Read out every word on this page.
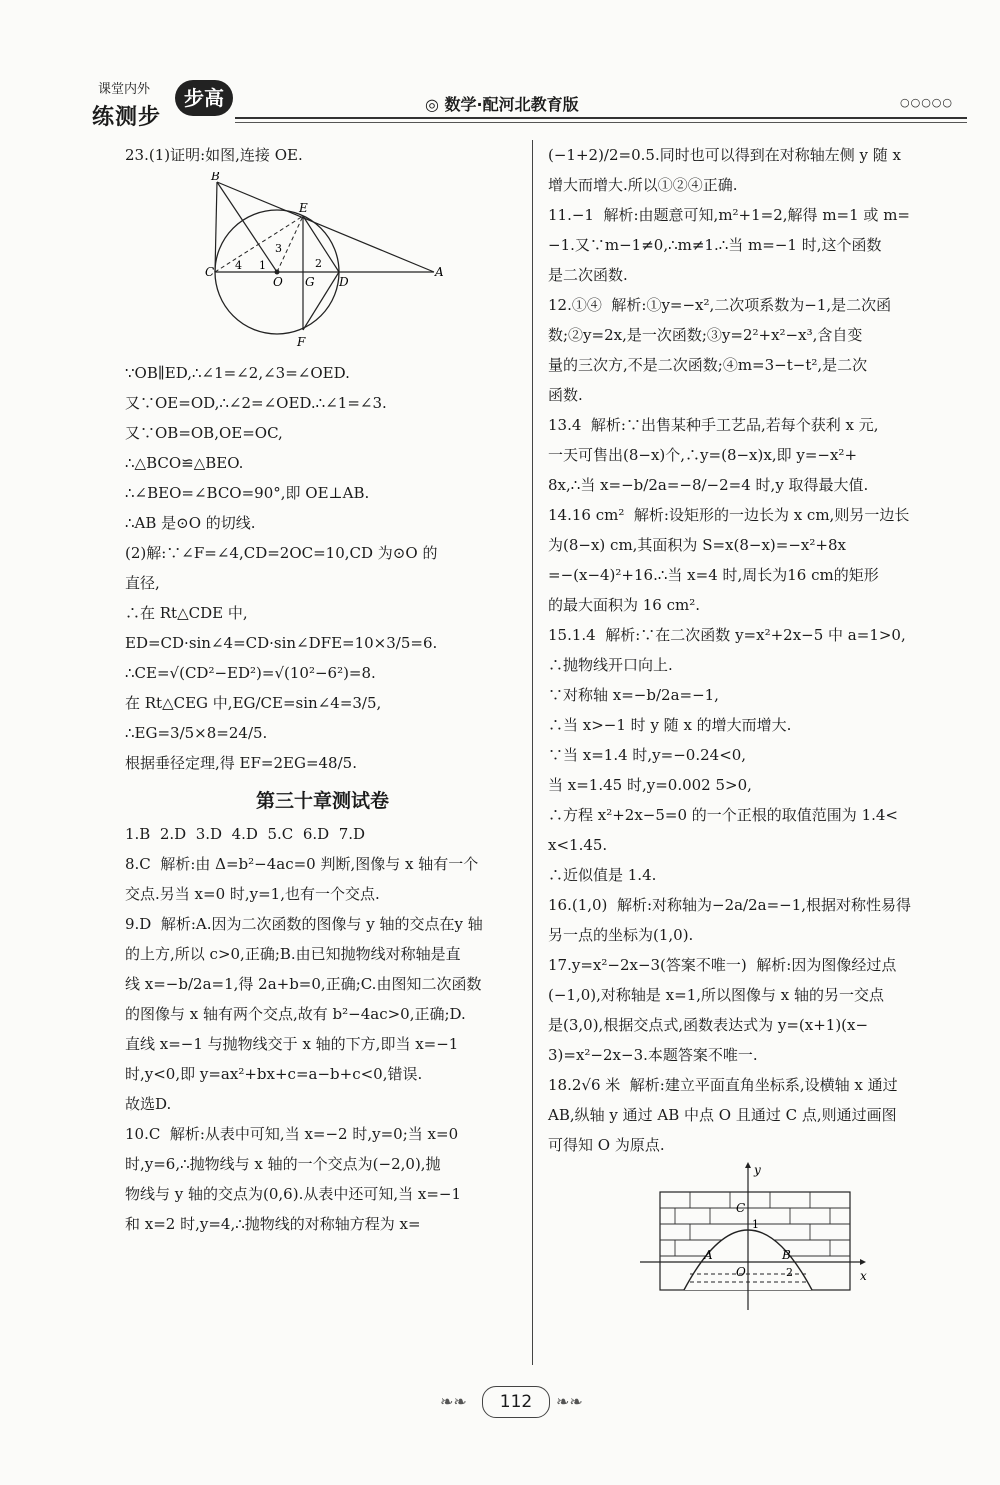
课堂内外
练测步
步高	◎ 数学·配河北教育版	○○○○○

23.(1)证明:如图,连接 OE.

B
E
3
4 1	2
C
O G D
A
F

∵OB∥ED,∴∠1=∠2,∠3=∠OED.

又∵OE=OD,∴∠2=∠OED.∴∠1=∠3.

又∵OB=OB,OE=OC,

∴△BCO≌△BEO.

∴∠BEO=∠BCO=90°,即 OE⊥AB.

∴AB 是⊙O 的切线.

(2)解:∵∠F=∠4,CD=2OC=10,CD 为⊙O 的

直径,

∴在 Rt△CDE 中,

ED=CD·sin∠4=CD·sin∠DFE=10×3/5=6.

∴CE=√(CD²−ED²)=√(10²−6²)=8.

在 Rt△CEG 中,EG/CE=sin∠4=3/5,

∴EG=3/5×8=24/5.

根据垂径定理,得 EF=2EG=48/5.

第三十章测试卷

1.B  2.D  3.D  4.D  5.C  6.D  7.D

8.C  解析:由 Δ=b²−4ac=0 判断,图像与 x 轴有一个

交点.另当 x=0 时,y=1,也有一个交点.

9.D  解析:A.因为二次函数的图像与 y 轴的交点在y 轴

的上方,所以 c>0,正确;B.由已知抛物线对称轴是直

线 x=−b/2a=1,得 2a+b=0,正确;C.由图知二次函数

的图像与 x 轴有两个交点,故有 b²−4ac>0,正确;D.

直线 x=−1 与抛物线交于 x 轴的下方,即当 x=−1

时,y<0,即 y=ax²+bx+c=a−b+c<0,错误.

故选D.

10.C  解析:从表中可知,当 x=−2 时,y=0;当 x=0

时,y=6,∴抛物线与 x 轴的一个交点为(−2,0),抛

物线与 y 轴的交点为(0,6).从表中还可知,当 x=−1

和 x=2 时,y=4,∴抛物线的对称轴方程为 x=

(−1+2)/2=0.5.同时也可以得到在对称轴左侧 y 随 x

增大而增大.所以①②④正确.

11.−1  解析:由题意可知,m²+1=2,解得 m=1 或 m=

−1.又∵m−1≠0,∴m≠1.∴当 m=−1 时,这个函数

是二次函数.

12.①④  解析:①y=−x²,二次项系数为−1,是二次函

数;②y=2x,是一次函数;③y=2²+x²−x³,含自变

量的三次方,不是二次函数;④m=3−t−t²,是二次

函数.

13.4  解析:∵出售某种手工艺品,若每个获利 x 元,

一天可售出(8−x)个,∴y=(8−x)x,即 y=−x²+

8x,∴当 x=−b/2a=−8/−2=4 时,y 取得最大值.

14.16 cm²  解析:设矩形的一边长为 x cm,则另一边长

为(8−x) cm,其面积为 S=x(8−x)=−x²+8x

=−(x−4)²+16.∴当 x=4 时,周长为16 cm的矩形

的最大面积为 16 cm².

15.1.4  解析:∵在二次函数 y=x²+2x−5 中 a=1>0,

∴抛物线开口向上.

∵对称轴 x=−b/2a=−1,

∴当 x>−1 时 y 随 x 的增大而增大.

∵当 x=1.4 时,y=−0.24<0,

当 x=1.45 时,y=0.002 5>0,

∴方程 x²+2x−5=0 的一个正根的取值范围为 1.4<

x<1.45.

∴近似值是 1.4.

16.(1,0)  解析:对称轴为−2a/2a=−1,根据对称性易得

另一点的坐标为(1,0).

17.y=x²−2x−3(答案不唯一)  解析:因为图像经过点

(−1,0),对称轴是 x=1,所以图像与 x 轴的另一交点

是(3,0),根据交点式,函数表达式为 y=(x+1)(x−

3)=x²−2x−3.本题答案不唯一.

18.2√6 米  解析:建立平面直角坐标系,设横轴 x 通过

AB,纵轴 y 通过 AB 中点 O 且通过 C 点,则通过画图

可得知 O 为原点.

y
C
1
A	B
O	2	x
❧❧	112	❧❧
